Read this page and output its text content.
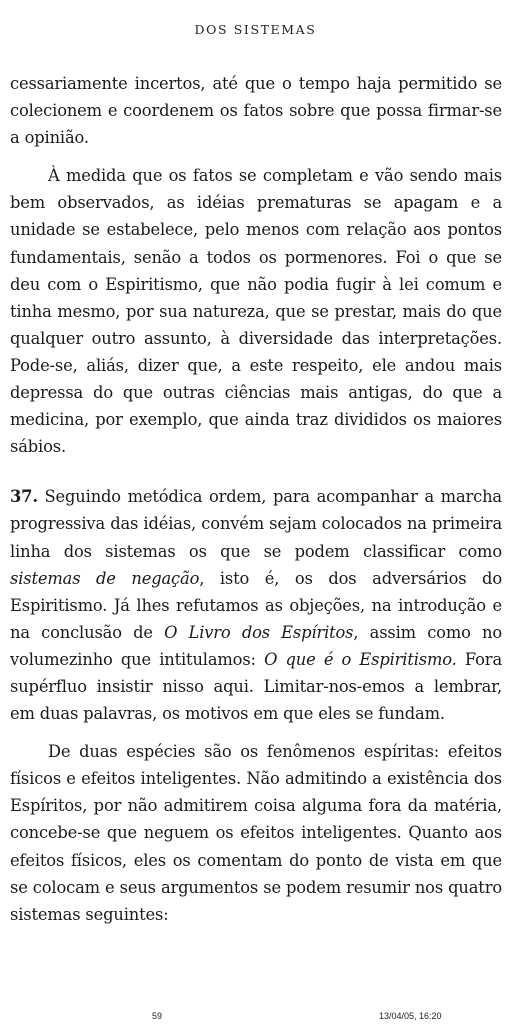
DOS SISTEMAS

cessariamente incertos, até que o tempo haja permitido se colecionem e coordenem os fatos sobre que possa firmar-se a opinião.

À medida que os fatos se completam e vão sendo mais bem observados, as idéias prematuras se apagam e a unidade se estabelece, pelo menos com relação aos pontos fundamentais, senão a todos os pormenores. Foi o que se deu com o Espiritismo, que não podia fugir à lei comum e tinha mesmo, por sua natureza, que se prestar, mais do que qualquer outro assunto, à diversidade das interpretações. Pode-se, aliás, dizer que, a este respeito, ele andou mais depressa do que outras ciências mais antigas, do que a medicina, por exemplo, que ainda traz divididos os maiores sábios.

37. Seguindo metódica ordem, para acompanhar a marcha progressiva das idéias, convém sejam colocados na primeira linha dos sistemas os que se podem classificar como sistemas de negação, isto é, os dos adversários do Espiritismo. Já lhes refutamos as objeções, na introdução e na conclusão de O Livro dos Espíritos, assim como no volumezinho que intitulamos: O que é o Espiritismo. Fora supérfluo insistir nisso aqui. Limitar-nos-emos a lembrar, em duas palavras, os motivos em que eles se fundam.

De duas espécies são os fenômenos espíritas: efeitos físicos e efeitos inteligentes. Não admitindo a existência dos Espíritos, por não admitirem coisa alguma fora da matéria, concebe-se que neguem os efeitos inteligentes. Quanto aos efeitos físicos, eles os comentam do ponto de vista em que se colocam e seus argumentos se podem resumir nos quatro sistemas seguintes:

59	13/04/05, 16:20
